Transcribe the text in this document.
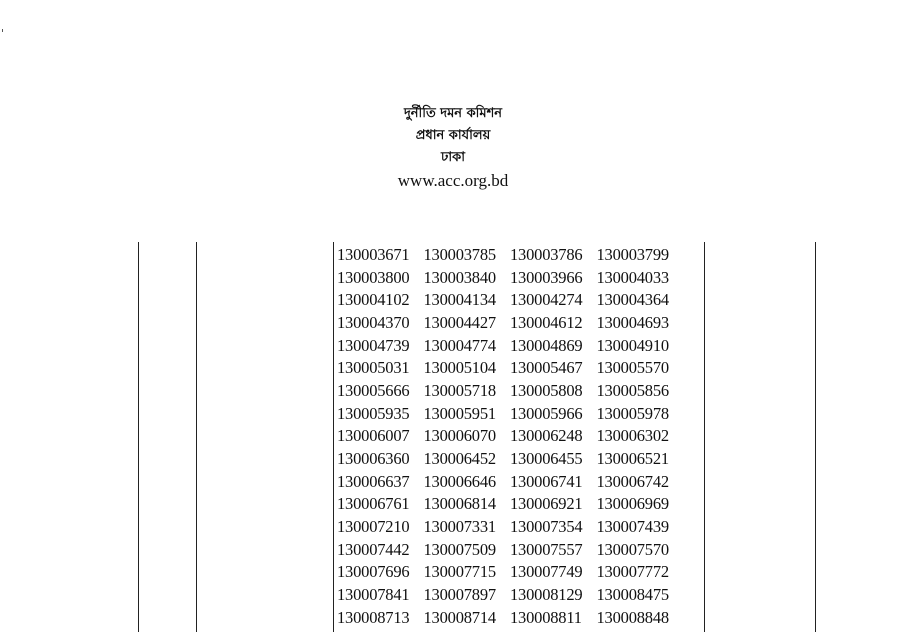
দুর্নীতি দমন কমিশন
প্রধান কার্যালয়
ঢাকা
www.acc.org.bd
130003671 130003785 130003786 130003799
130003800 130003840 130003966 130004033
130004102 130004134 130004274 130004364
130004370 130004427 130004612 130004693
130004739 130004774 130004869 130004910
130005031 130005104 130005467 130005570
130005666 130005718 130005808 130005856
130005935 130005951 130005966 130005978
130006007 130006070 130006248 130006302
130006360 130006452 130006455 130006521
130006637 130006646 130006741 130006742
130006761 130006814 130006921 130006969
130007210 130007331 130007354 130007439
130007442 130007509 130007557 130007570
130007696 130007715 130007749 130007772
130007841 130007897 130008129 130008475
130008713 130008714 130008811 130008848
